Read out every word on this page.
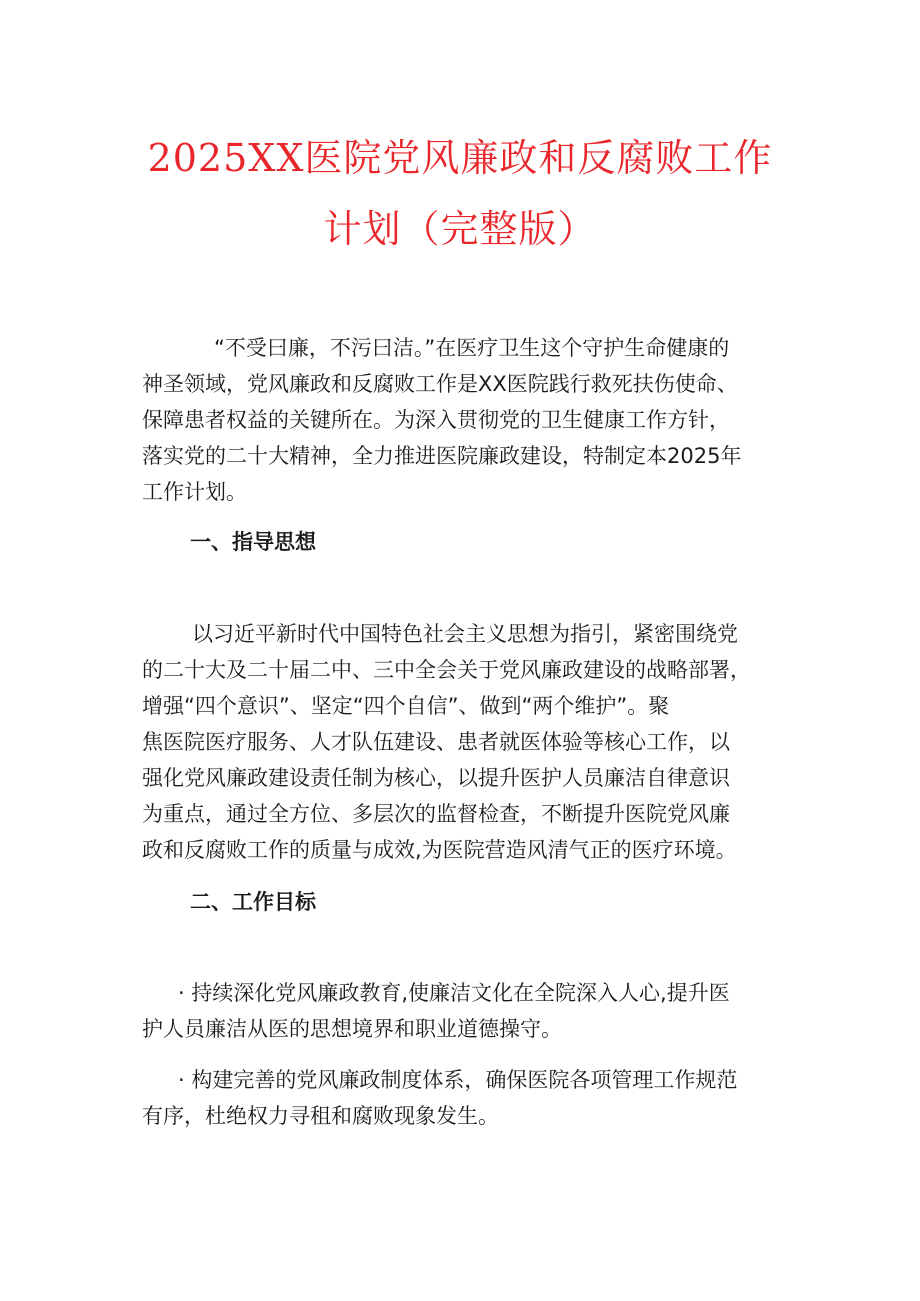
2025XX医院党风廉政和反腐败工作
计划（完整版）

“不受曰廉，不污曰洁。”在医疗卫生这个守护生命健康的
神圣领域，党风廉政和反腐败工作是XX医院践行救死扶伤使命、
保障患者权益的关键所在。为深入贯彻党的卫生健康工作方针，
落实党的二十大精神，全力推进医院廉政建设，特制定本2025年
工作计划。

一、指导思想

以习近平新时代中国特色社会主义思想为指引，紧密围绕党
的二十大及二十届二中、三中全会关于党风廉政建设的战略部署，
增强“四个意识”、坚定“四个自信”、做到“两个维护”。聚
焦医院医疗服务、人才队伍建设、患者就医体验等核心工作，以
强化党风廉政建设责任制为核心，以提升医护人员廉洁自律意识
为重点，通过全方位、多层次的监督检查，不断提升医院党风廉
政和反腐败工作的质量与成效,为医院营造风清气正的医疗环境。

二、工作目标

· 持续深化党风廉政教育,使廉洁文化在全院深入人心,提升医
护人员廉洁从医的思想境界和职业道德操守。

· 构建完善的党风廉政制度体系，确保医院各项管理工作规范
有序，杜绝权力寻租和腐败现象发生。
